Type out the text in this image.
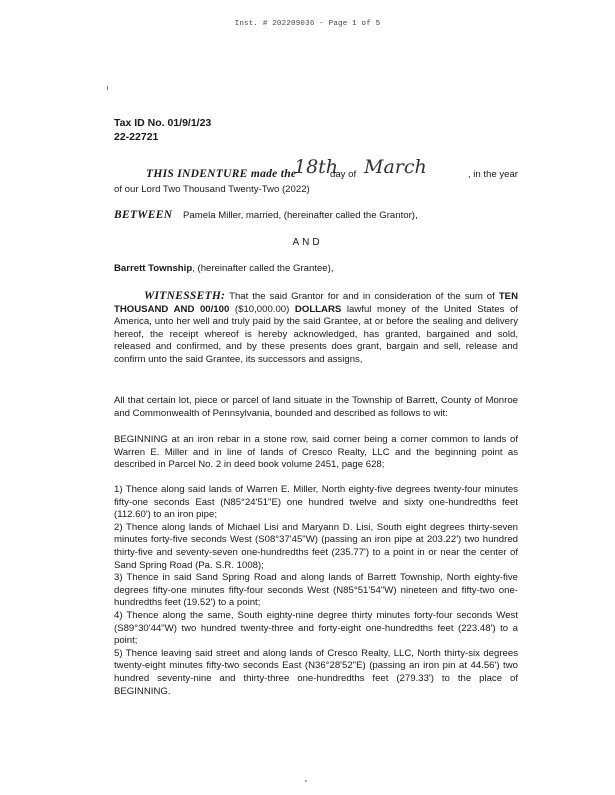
Inst. # 202209036 - Page 1 of 5
Tax ID No. 01/9/1/23
22-22721
THIS INDENTURE made the
18th
day of March	, in the year
of our Lord Two Thousand Twenty-Two (2022)
BETWEEN Pamela Miller, married, (hereinafter called the Grantor),
AND
Barrett Township, (hereinafter called the Grantee),
WITNESSETH: That the said Grantor for and in consideration of the sum of TEN THOUSAND AND 00/100 ($10,000.00) DOLLARS lawful money of the United States of America, unto her well and truly paid by the said Grantee, at or before the sealing and delivery hereof, the receipt whereof is hereby acknowledged, has granted, bargained and sold, released and confirmed, and by these presents does grant, bargain and sell, release and confirm unto the said Grantee, its successors and assigns,
All that certain lot, piece or parcel of land situate in the Township of Barrett, County of Monroe and Commonwealth of Pennsylvania, bounded and described as follows to wit:
BEGINNING at an iron rebar in a stone row, said corner being a corner common to lands of Warren E. Miller and in line of lands of Cresco Realty, LLC and the beginning point as described in Parcel No. 2 in deed book volume 2451, page 628;
1) Thence along said lands of Warren E. Miller, North eighty-five degrees twenty-four minutes fifty-one seconds East (N85°24'51"E) one hundred twelve and sixty one-hundredths feet (112.60') to an iron pipe;
2) Thence along lands of Michael Lisi and Maryann D. Lisi, South eight degrees thirty-seven minutes forty-five seconds West (S08°37'45"W) (passing an iron pipe at 203.22') two hundred thirty-five and seventy-seven one-hundredths feet (235.77') to a point in or near the center of Sand Spring Road (Pa. S.R. 1008);
3) Thence in said Sand Spring Road and along lands of Barrett Township, North eighty-five degrees fifty-one minutes fifty-four seconds West (N85°51'54"W) nineteen and fifty-two one-hundredths feet (19.52') to a point;
4) Thence along the same, South eighty-nine degree thirty minutes forty-four seconds West (S89°30'44"W) two hundred twenty-three and forty-eight one-hundredths feet (223.48') to a point;
5) Thence leaving said street and along lands of Cresco Realty, LLC, North thirty-six degrees twenty-eight minutes fifty-two seconds East (N36°28'52"E) (passing an iron pin at 44.56') two hundred seventy-nine and thirty-three one-hundredths feet (279.33') to the place of BEGINNING.
